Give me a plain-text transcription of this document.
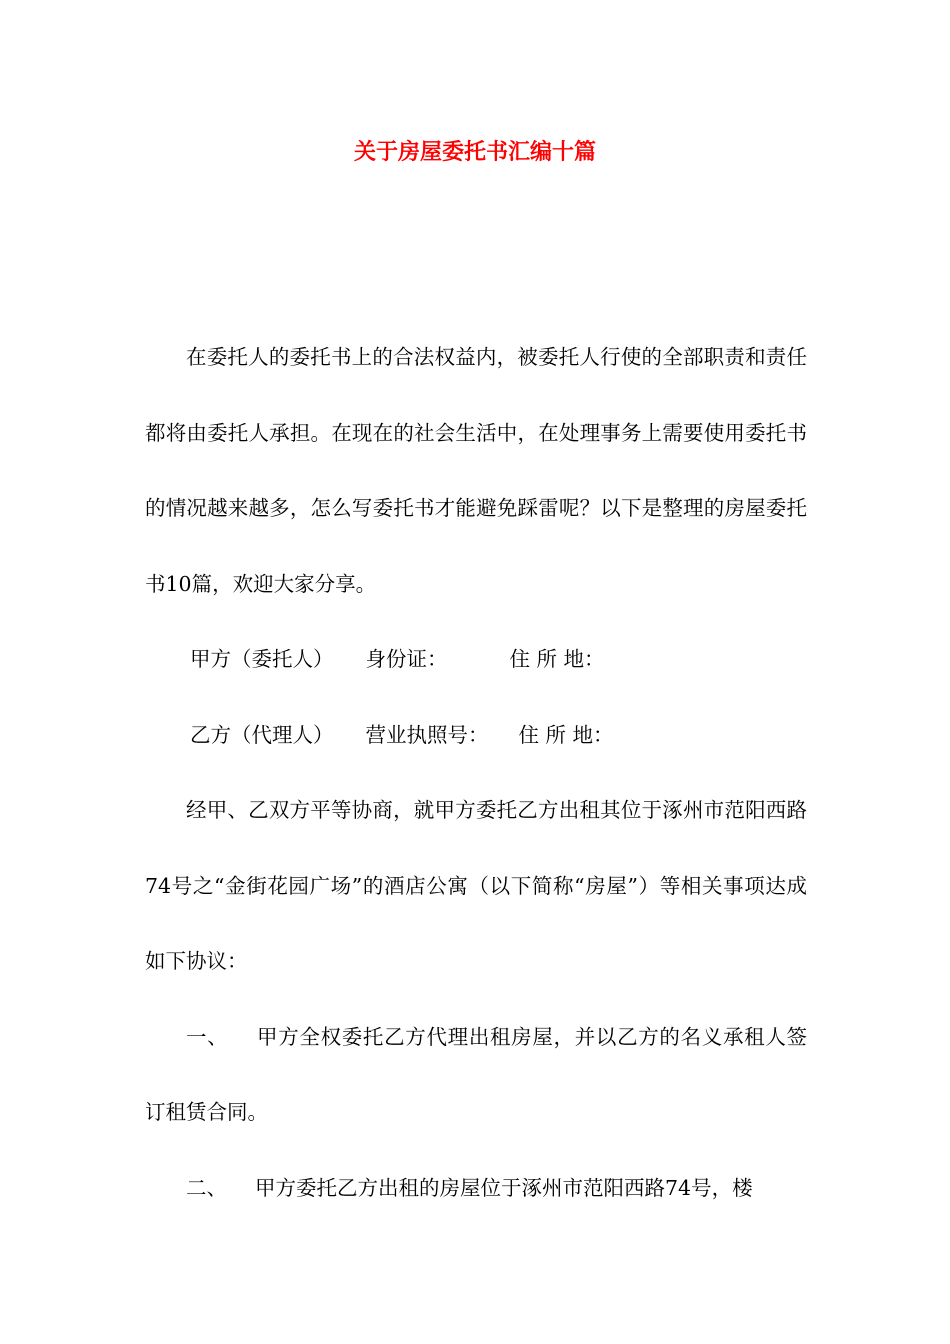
关于房屋委托书汇编十篇

在委托人的委托书上的合法权益内，被委托人行使的全部职责和责任都将由委托人承担。在现在的社会生活中，在处理事务上需要使用委托书的情况越来越多，怎么写委托书才能避免踩雷呢？以下是整理的房屋委托书10篇，欢迎大家分享。

甲方（委托人） 身份证：	住 所 地：

乙方（代理人） 营业执照号： 住 所 地：

经甲、乙双方平等协商，就甲方委托乙方出租其位于涿州市范阳西路74号之“金街花园广场”的酒店公寓（以下简称“房屋”）等相关事项达成如下协议：

一、 甲方全权委托乙方代理出租房屋，并以乙方的名义承租人签订租赁合同。

二、 甲方委托乙方出租的房屋位于涿州市范阳西路74号，楼
